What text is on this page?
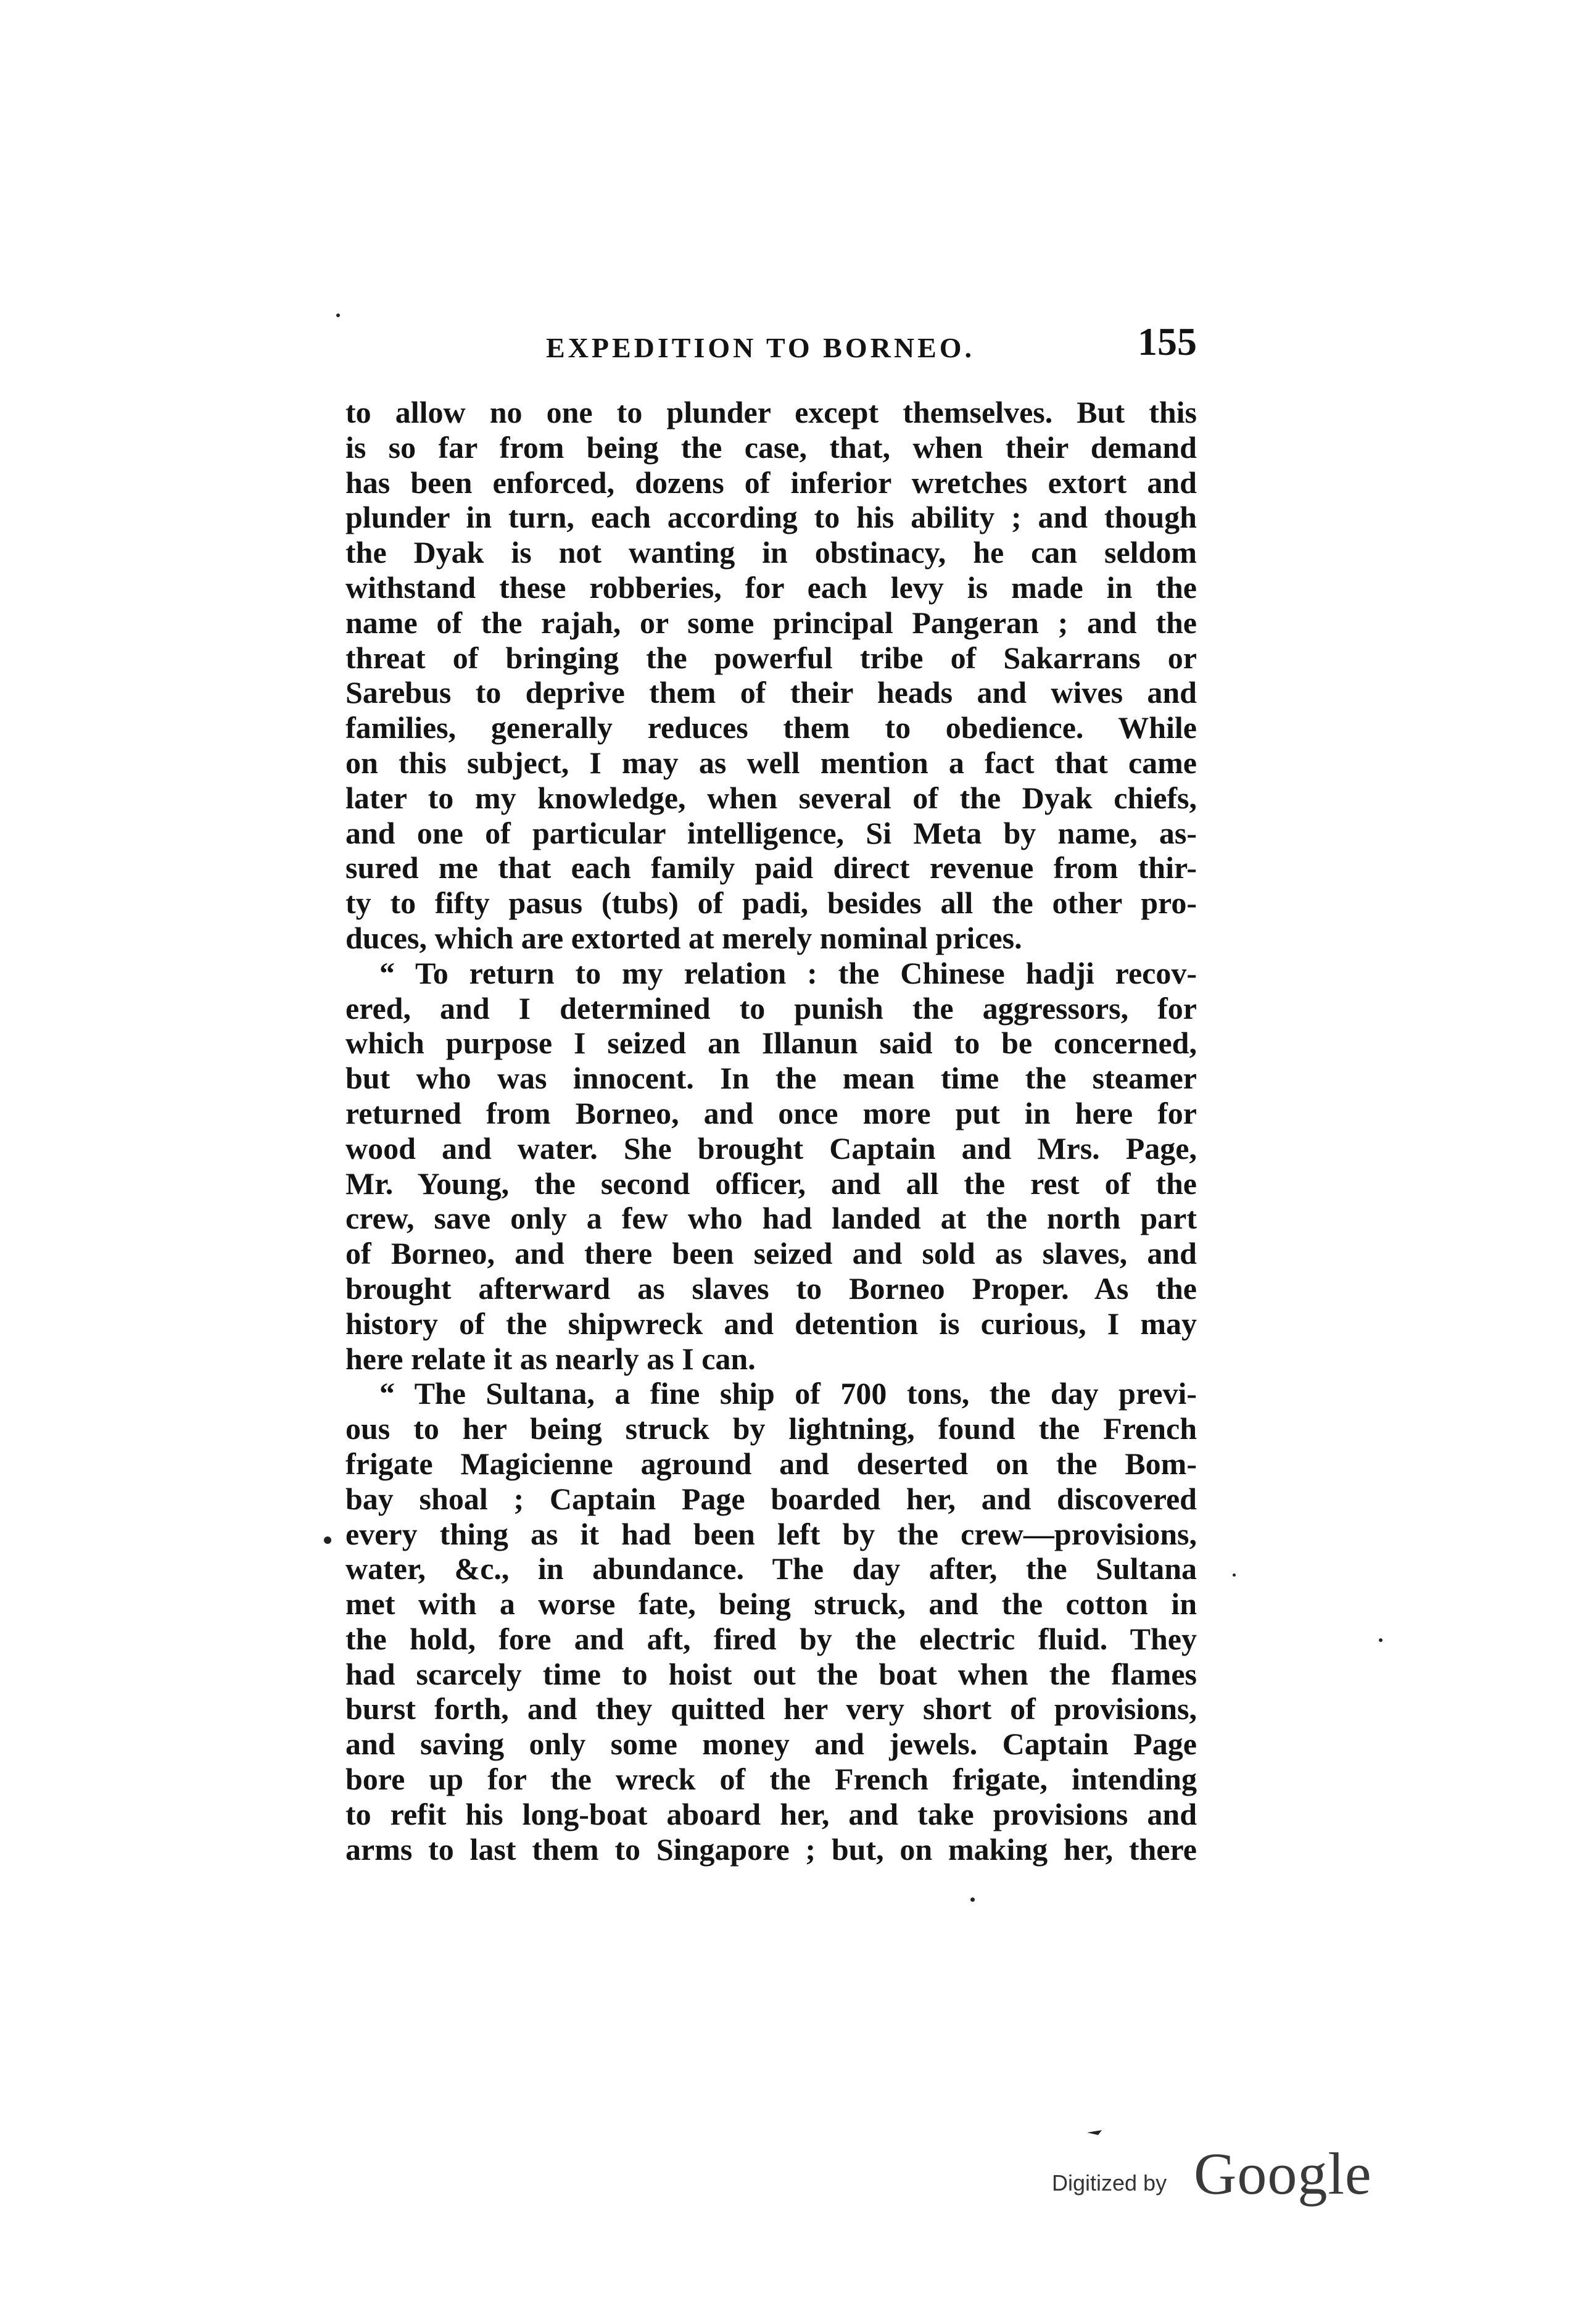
EXPEDITION TO BORNEO.	155
to allow no one to plunder except themselves. But this
is so far from being the case, that, when their demand
has been enforced, dozens of inferior wretches extort and
plunder in turn, each according to his ability ; and though
the Dyak is not wanting in obstinacy, he can seldom
withstand these robberies, for each levy is made in the
name of the rajah, or some principal Pangeran ; and the
threat of bringing the powerful tribe of Sakarrans or
Sarebus to deprive them of their heads and wives and
families, generally reduces them to obedience. While
on this subject, I may as well mention a fact that came
later to my knowledge, when several of the Dyak chiefs,
and one of particular intelligence, Si Meta by name, as-
sured me that each family paid direct revenue from thir-
ty to fifty pasus (tubs) of padi, besides all the other pro-
duces, which are extorted at merely nominal prices.
“ To return to my relation : the Chinese hadji recov-
ered, and I determined to punish the aggressors, for
which purpose I seized an Illanun said to be concerned,
but who was innocent. In the mean time the steamer
returned from Borneo, and once more put in here for
wood and water. She brought Captain and Mrs. Page,
Mr. Young, the second officer, and all the rest of the
crew, save only a few who had landed at the north part
of Borneo, and there been seized and sold as slaves, and
brought afterward as slaves to Borneo Proper. As the
history of the shipwreck and detention is curious, I may
here relate it as nearly as I can.
“ The Sultana, a fine ship of 700 tons, the day previ-
ous to her being struck by lightning, found the French
frigate Magicienne aground and deserted on the Bom-
bay shoal ; Captain Page boarded her, and discovered
every thing as it had been left by the crew—provisions,
water, &c., in abundance. The day after, the Sultana
met with a worse fate, being struck, and the cotton in
the hold, fore and aft, fired by the electric fluid. They
had scarcely time to hoist out the boat when the flames
burst forth, and they quitted her very short of provisions,
and saving only some money and jewels. Captain Page
bore up for the wreck of the French frigate, intending
to refit his long-boat aboard her, and take provisions and
arms to last them to Singapore ; but, on making her, there
Digitized by Google
